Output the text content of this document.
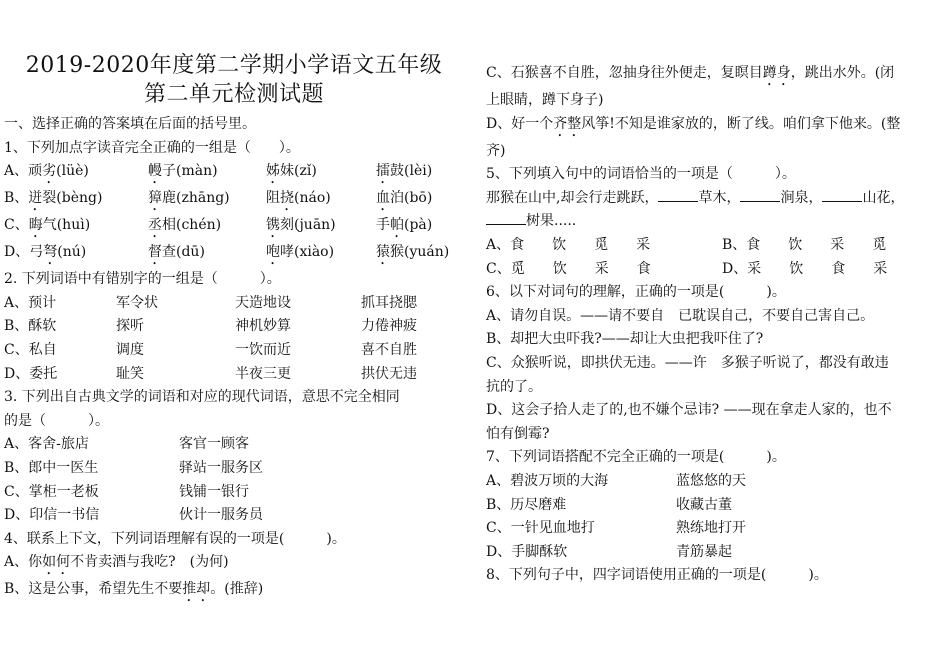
2019-2020年度第二学期小学语文五年级
第二单元检测试题
一、选择正确的答案填在后面的括号里。
1、下列加点字读音完全正确的一组是（　　）。
A、顽劣(lüè)	幔子(màn)	姊妹(zǐ)	擂鼓(lèi)
B、迸裂(bèng)	獐鹿(zhāng)	阻挠(náo)	血泊(bō)
C、晦气(huì)	丞相(chén)	镌刻(juān)	手帕(pà)
D、弓弩(nú)	督查(dū)	咆哮(xiào)	猿猴(yuán)
2. 下列词语中有错别字的一组是（　　　）。
A、预计	军令状	天造地设	抓耳挠腮
B、酥软	探听	神机妙算	力倦神疲
C、私自	调度	一饮而近	喜不自胜
D、委托	耻笑	半夜三更	拱伏无违
3. 下列出自古典文学的词语和对应的现代词语，意思不完全相同
的是（　　　）。
A、客舍-旅店	客官一顾客
B、郎中一医生	驿站一服务区
C、掌柜一老板	钱铺一银行
D、印信一书信	伙计一服务员
4、联系上下文，下列词语理解有误的一项是(　　　)。
A、你如何不肯卖酒与我吃?　(为何)
B、这是公事，希望先生不要推却。(推辞)
C、石猴喜不自胜，忽抽身往外便走，复瞑目蹲身，跳出水外。(闭
上眼睛，蹲下身子)
D、好一个齐整风筝!不知是谁家放的，断了线。咱们拿下他来。(整
齐)
5、下列填入句中的词语恰当的一项是（　　　）。
那猴在山中,却会行走跳跃，	草木，	涧泉，	山花，
树果.....
A、食　　饮　　觅　　采	B、食　　饮　　采　　觅
C、觅　　饮　　采　　食	D、采　　饮　　食　　采
6、以下对词句的理解，正确的一项是(　　　)。
A、请勿自误。——请不要自　已耽误自己，不要自己害自己。
B、却把大虫吓我?——却让大虫把我吓住了?
C、众猴听说，即拱伏无违。——许　多猴子听说了，都没有敢违
抗的了。
D、这会子拾人走了的,也不嫌个忌讳? ——现在拿走人家的，也不
怕有倒霉?
7、下列词语搭配不完全正确的一项是(　　　)。
A、碧波万顷的大海	蓝悠悠的天
B、历尽磨难	收藏古董
C、一针见血地打	熟练地打开
D、手脚酥软	青筋暴起
8、下列句子中，四字词语使用正确的一项是(　　　)。
